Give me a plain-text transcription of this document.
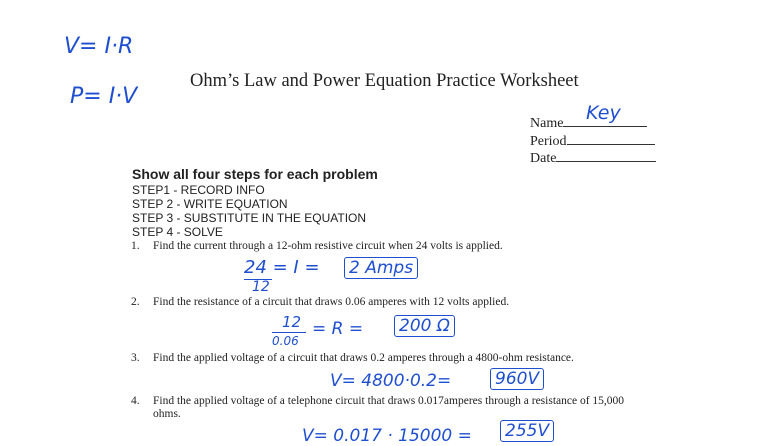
V= I·R
P= I·V
Ohm’s Law and Power Equation Practice Worksheet
Name	Key
Period
Date
Show all four steps for each problem
STEP1 - RECORD INFO
STEP 2 - WRITE EQUATION
STEP 3 - SUBSTITUTE IN THE EQUATION
STEP 4 - SOLVE
1. Find the current through a 12-ohm resistive circuit when 24 volts is applied.
24 = I =
12
2 Amps
2. Find the resistance of a circuit that draws 0.06 amperes with 12 volts applied.
12 = R =
0.06
200 Ω
3. Find the applied voltage of a circuit that draws 0.2 amperes through a 4800-ohm resistance.
V= 4800·0.2=	960V
4. Find the applied voltage of a telephone circuit that draws 0.017amperes through a resistance of 15,000
ohms.
V= 0.017 · 15000 = 255V
